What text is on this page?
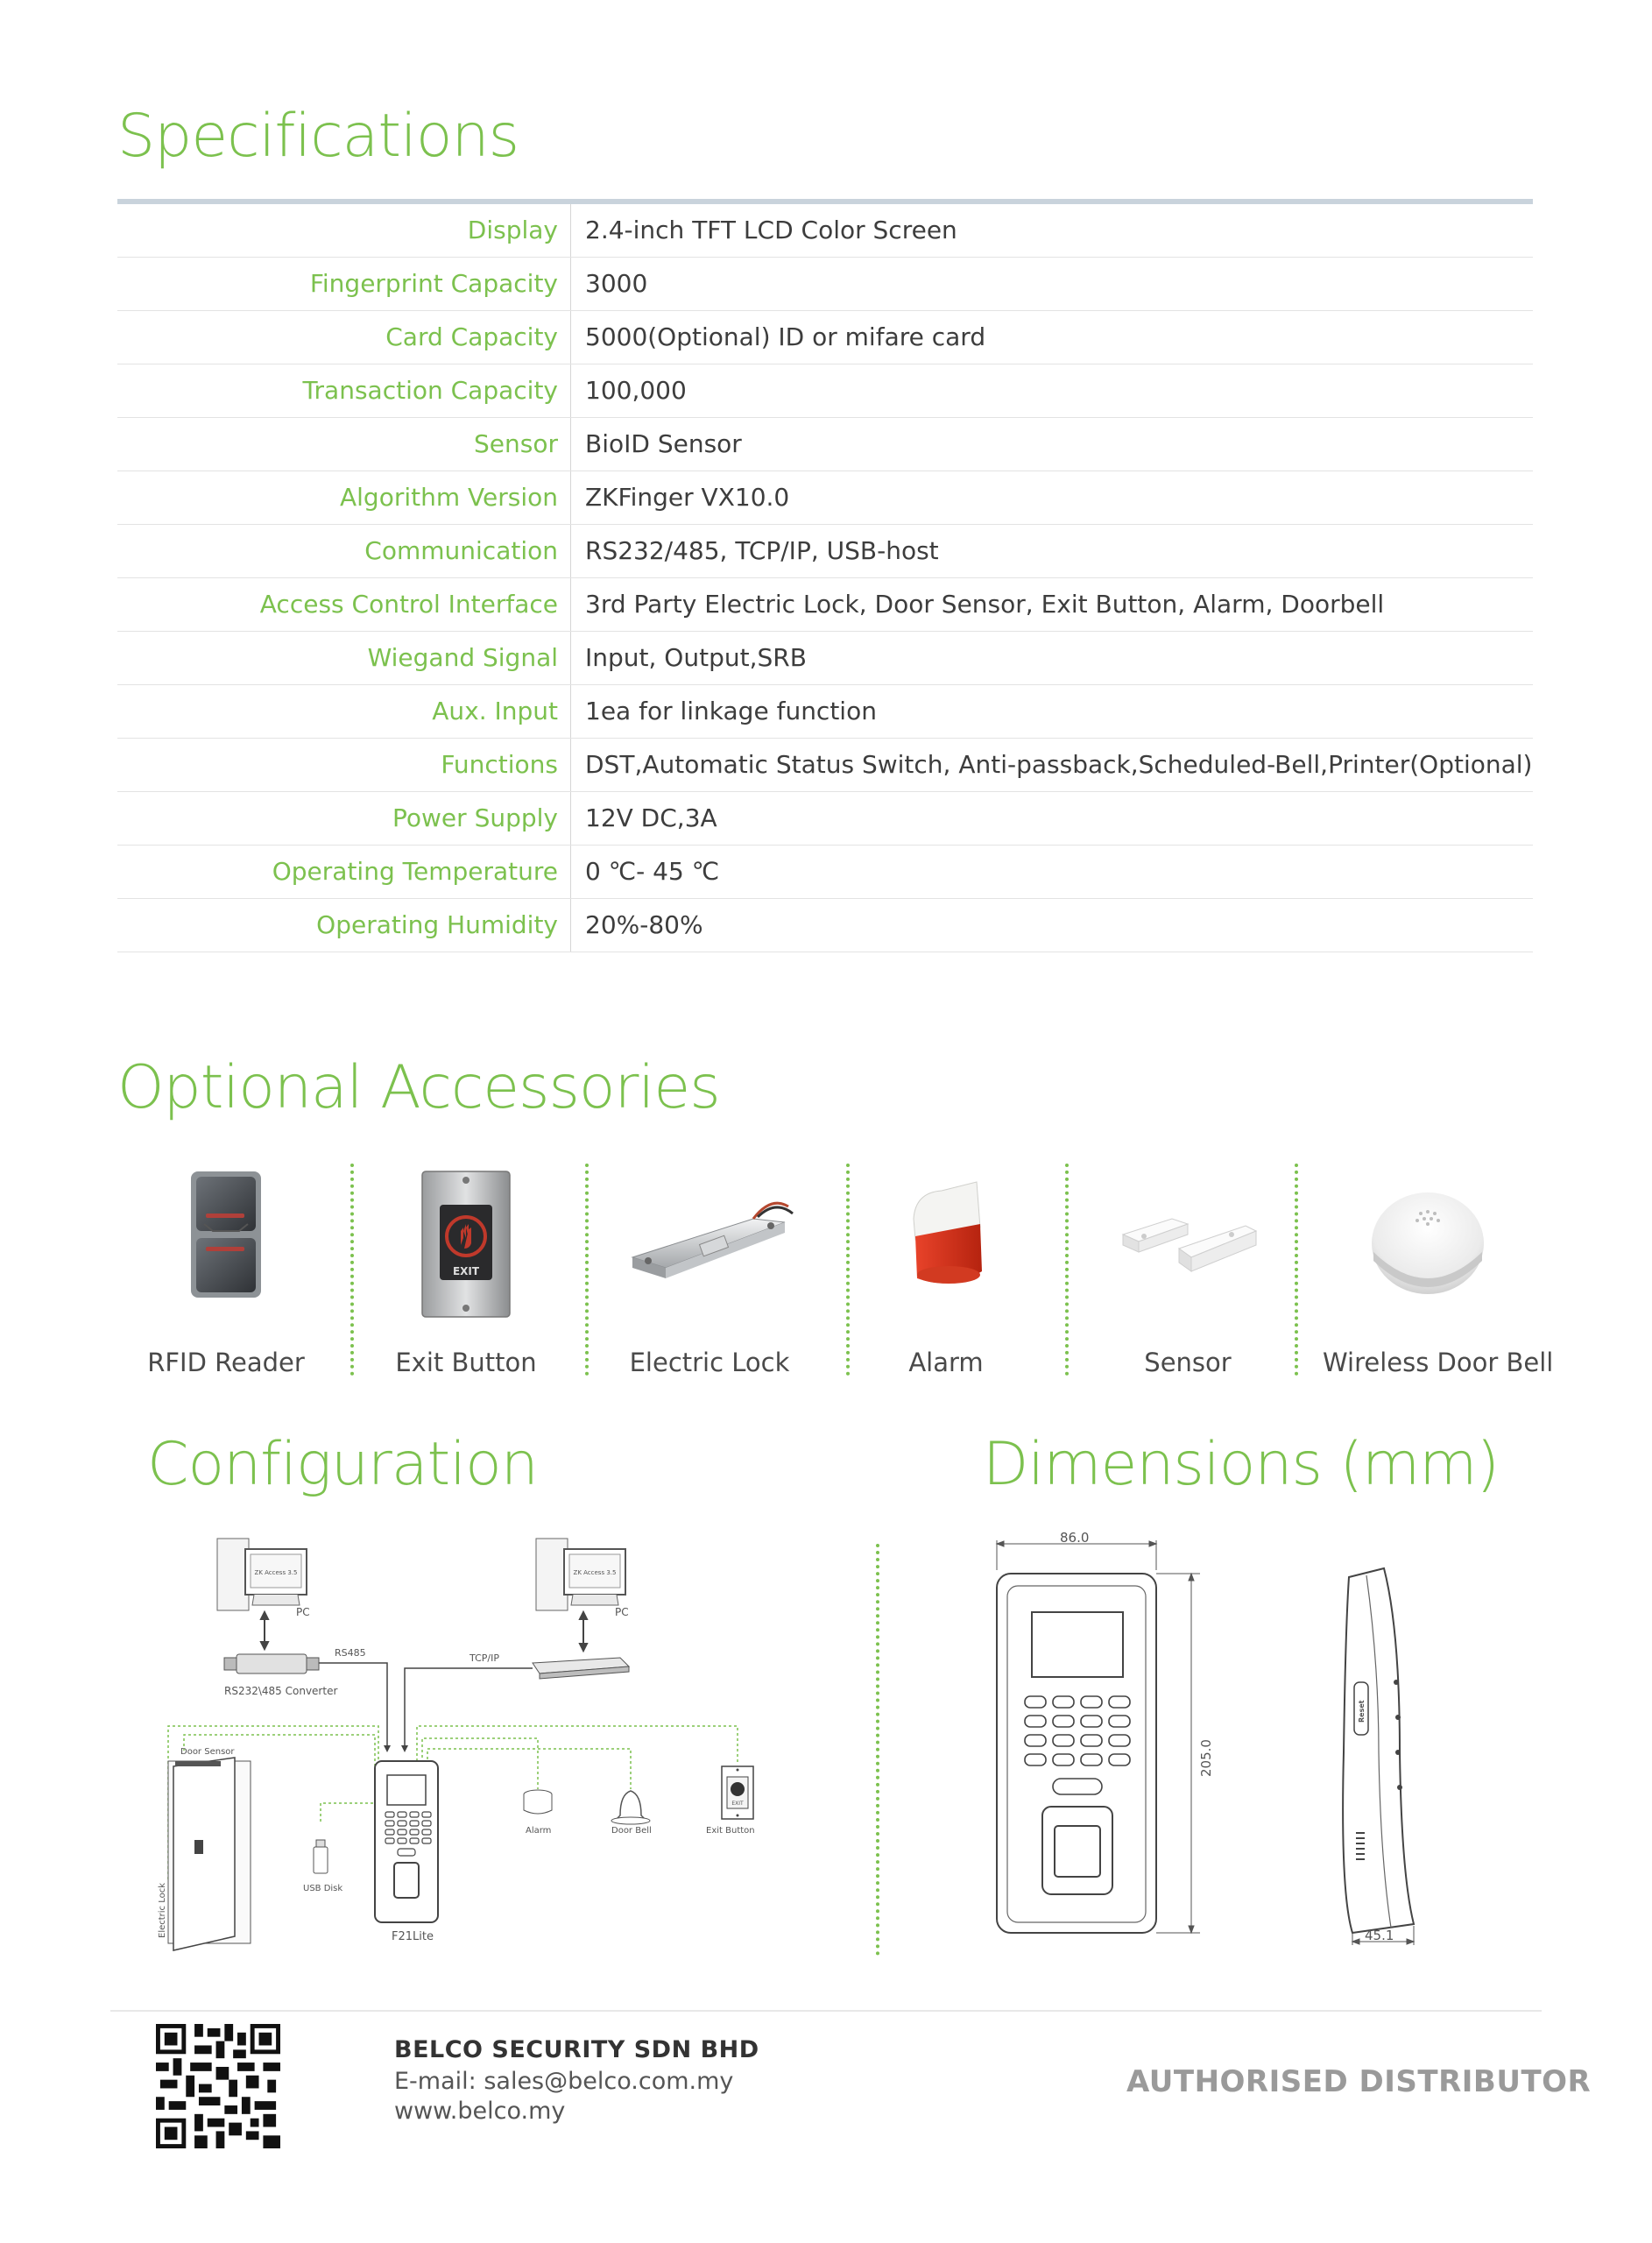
Specifications
Display	2.4-inch TFT LCD Color Screen
Fingerprint Capacity	3000
Card Capacity	5000(Optional) ID or mifare card
Transaction Capacity	100,000
Sensor	BioID Sensor
Algorithm Version	ZKFinger VX10.0
Communication	RS232/485, TCP/IP, USB-host
Access Control Interface	3rd Party Electric Lock, Door Sensor, Exit Button, Alarm, Doorbell
Wiegand Signal	Input, Output,SRB
Aux. Input	1ea for linkage function
Functions	DST,Automatic Status Switch, Anti-passback,Scheduled-Bell,Printer(Optional)
Power Supply	12V DC,3A
Operating Temperature	0 ℃- 45 ℃
Operating Humidity	20%-80%
Optional Accessories
RFID Reader
EXIT
Exit Button	Electric Lock	Alarm	Sensor	Wireless Door Bell
Configuration
ZK Access 3.5
PC
ZK Access 3.5
PC
RS232\485 Converter
RS485	TCP/IP
Door Sensor
Electric Lock	USB Disk
F21Lite
Alarm	Door Bell
EXIT
Exit Button
Dimensions (mm)
86.0
205.0
Reset
45.1
BELCO SECURITY SDN BHD
E-mail: sales@belco.com.my
www.belco.my
AUTHORISED DISTRIBUTOR
